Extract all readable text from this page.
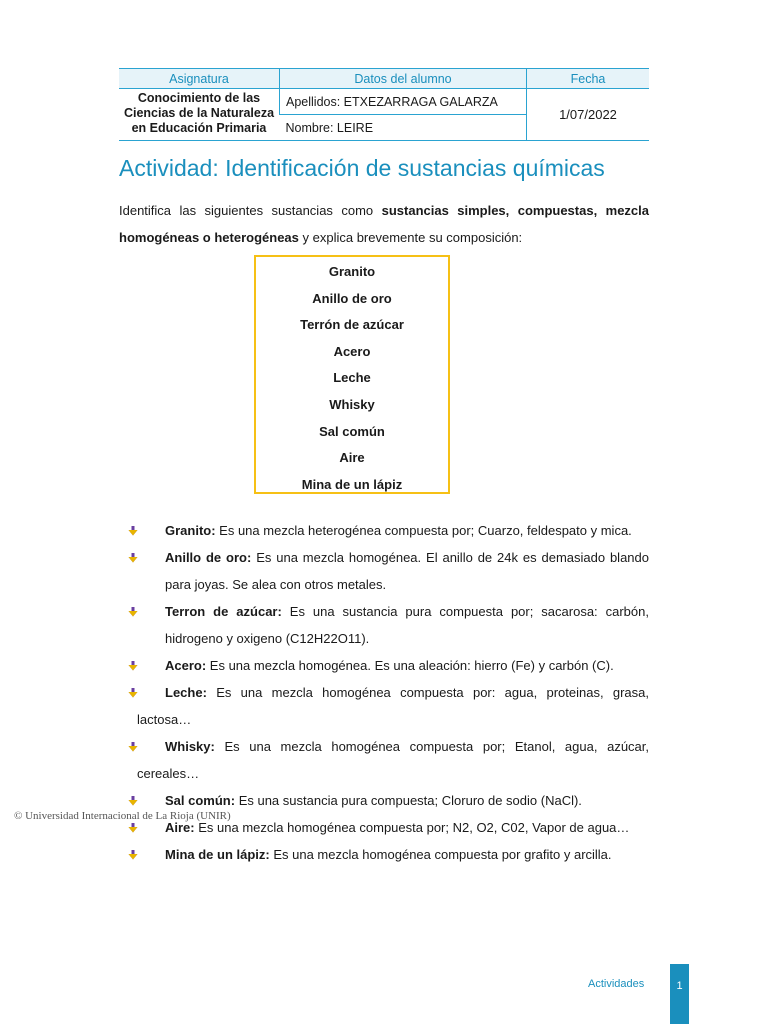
Asignatura	Datos del alumno	Fecha
Conocimiento de las
Ciencias de la Naturaleza
en Educación Primaria	Apellidos: ETXEZARRAGA GALARZA	1/07/2022
	Nombre: LEIRE	
Actividad: Identificación de sustancias químicas

Identifica las siguientes sustancias como sustancias simples, compuestas, mezcla homogéneas o heterogéneas y explica brevemente su composición:

Granito
Anillo de oro
Terrón de azúcar
Acero
Leche
Whisky
Sal común
Aire
Mina de un lápiz
Granito: Es una mezcla heterogénea compuesta por; Cuarzo, feldespato y mica.
Anillo de oro: Es una mezcla homogénea. El anillo de 24k es demasiado blando para joyas. Se alea con otros metales.
Terron de azúcar: Es una sustancia pura compuesta por; sacarosa: carbón, hidrogeno y oxigeno (C12H22O11).
Acero: Es una mezcla homogénea. Es una aleación: hierro (Fe) y carbón (C).
Leche: Es una mezcla homogénea compuesta por: agua, proteinas, grasa, lactosa…
Whisky: Es una mezcla homogénea compuesta por; Etanol, agua, azúcar, cereales…
Sal común: Es una sustancia pura compuesta; Cloruro de sodio (NaCl).
Aire: Es una mezcla homogénea compuesta por; N2, O2, C02, Vapor de agua…
Mina de un lápiz: Es una mezcla homogénea compuesta por grafito y arcilla.
© Universidad Internacional de La Rioja (UNIR)
Actividades	1
